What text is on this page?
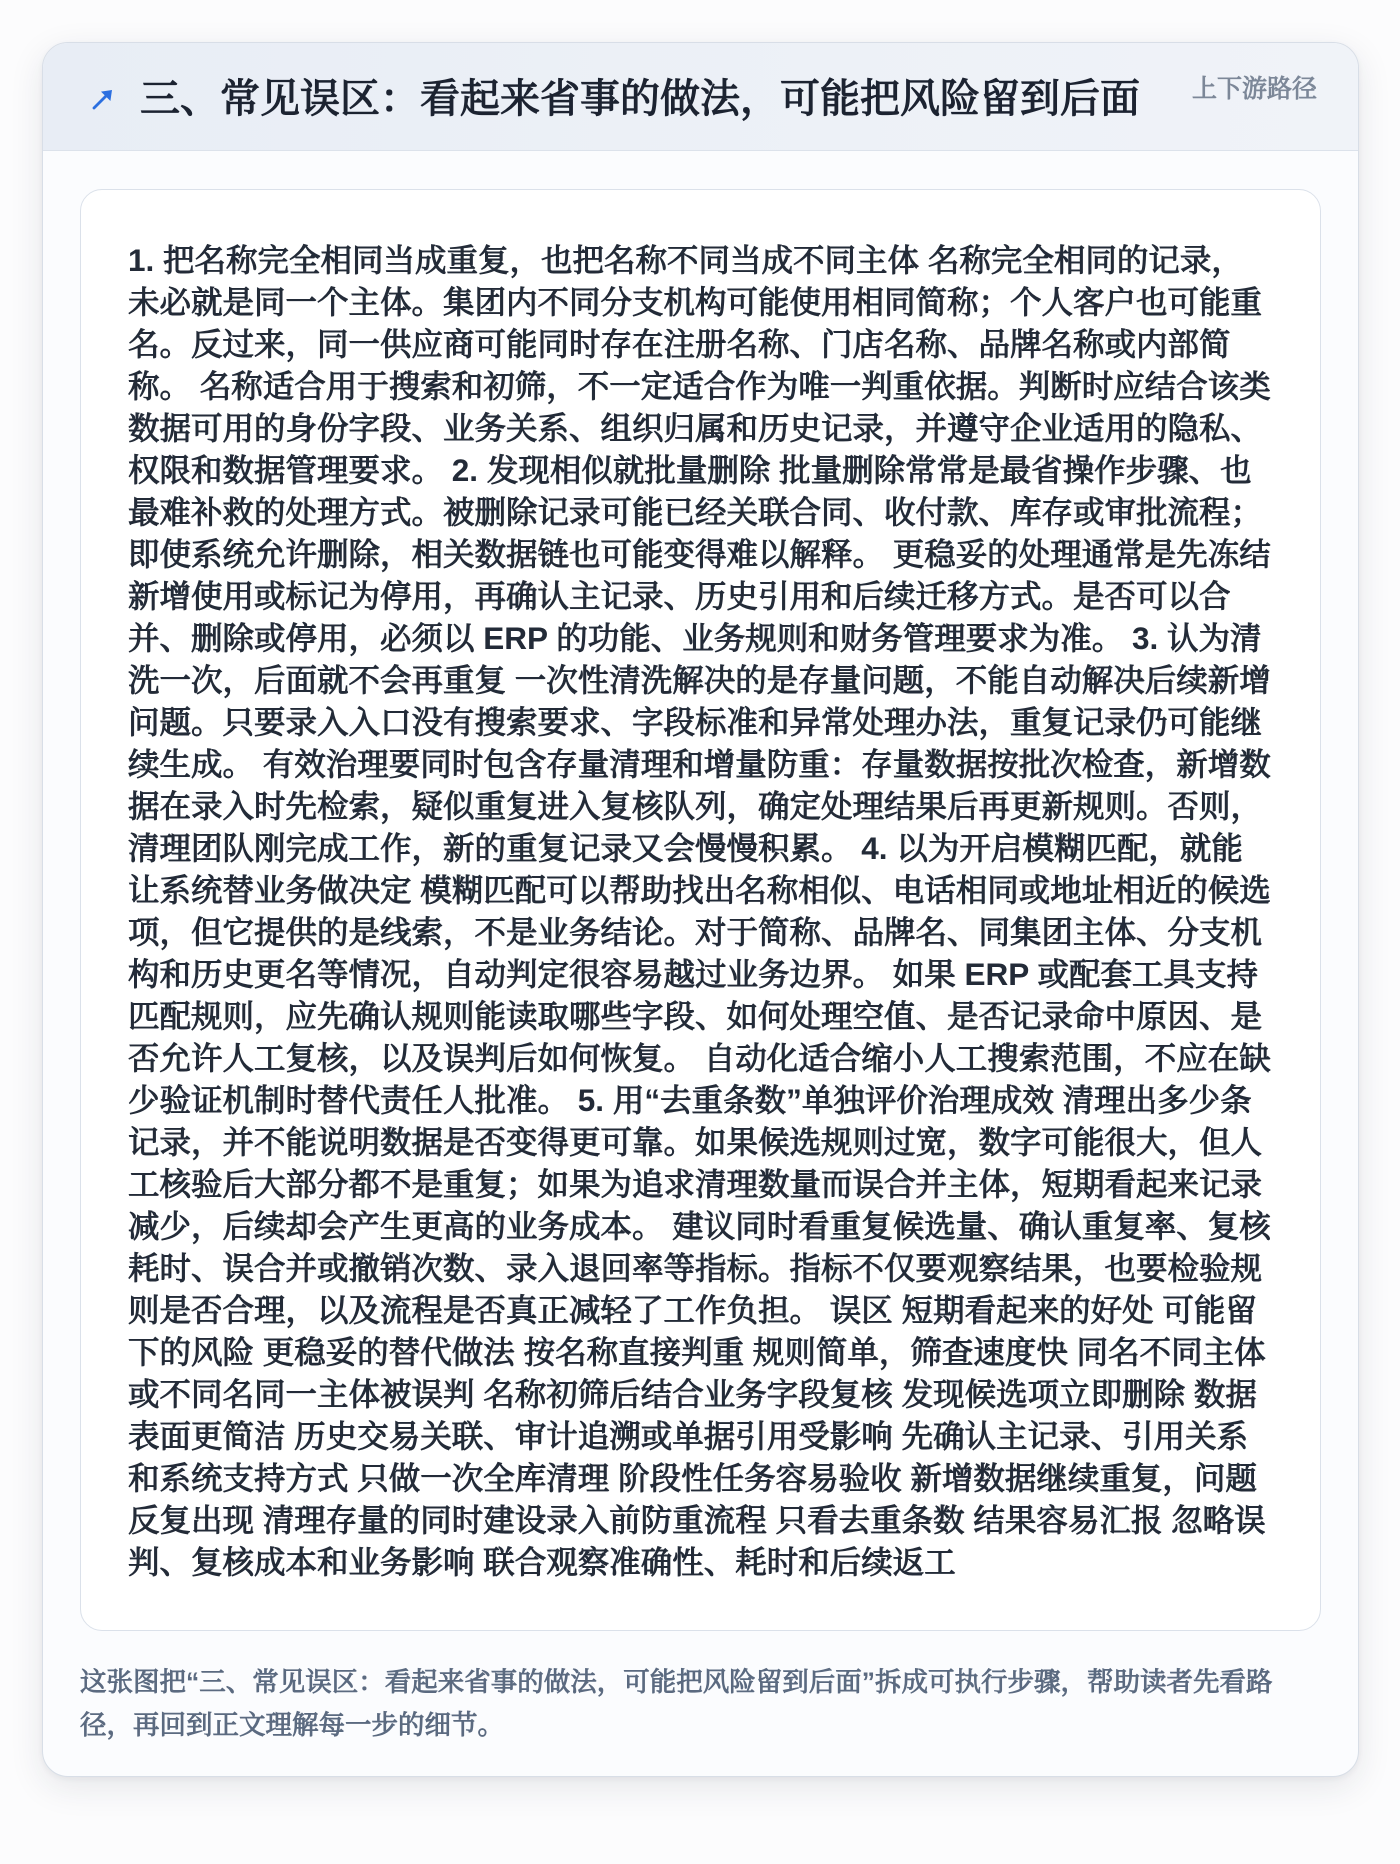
三、常见误区：看起来省事的做法，可能把风险留到后面 上下游路径

1. 把名称完全相同当成重复，也把名称不同当成不同主体 名称完全相同的记录，未必就是同一个主体。集团内不同分支机构可能使用相同简称；个人客户也可能重名。反过来，同一供应商可能同时存在注册名称、门店名称、品牌名称或内部简称。 名称适合用于搜索和初筛，不一定适合作为唯一判重依据。判断时应结合该类数据可用的身份字段、业务关系、组织归属和历史记录，并遵守企业适用的隐私、权限和数据管理要求。 2. 发现相似就批量删除 批量删除常常是最省操作步骤、也最难补救的处理方式。被删除记录可能已经关联合同、收付款、库存或审批流程；即使系统允许删除，相关数据链也可能变得难以解释。 更稳妥的处理通常是先冻结新增使用或标记为停用，再确认主记录、历史引用和后续迁移方式。是否可以合并、删除或停用，必须以 ERP 的功能、业务规则和财务管理要求为准。 3. 认为清洗一次，后面就不会再重复 一次性清洗解决的是存量问题，不能自动解决后续新增问题。只要录入入口没有搜索要求、字段标准和异常处理办法，重复记录仍可能继续生成。 有效治理要同时包含存量清理和增量防重：存量数据按批次检查，新增数据在录入时先检索，疑似重复进入复核队列，确定处理结果后再更新规则。否则，清理团队刚完成工作，新的重复记录又会慢慢积累。 4. 以为开启模糊匹配，就能让系统替业务做决定 模糊匹配可以帮助找出名称相似、电话相同或地址相近的候选项，但它提供的是线索，不是业务结论。对于简称、品牌名、同集团主体、分支机构和历史更名等情况，自动判定很容易越过业务边界。 如果 ERP 或配套工具支持匹配规则，应先确认规则能读取哪些字段、如何处理空值、是否记录命中原因、是否允许人工复核，以及误判后如何恢复。 自动化适合缩小人工搜索范围，不应在缺少验证机制时替代责任人批准。 5. 用“去重条数”单独评价治理成效 清理出多少条记录，并不能说明数据是否变得更可靠。如果候选规则过宽，数字可能很大，但人工核验后大部分都不是重复；如果为追求清理数量而误合并主体，短期看起来记录减少，后续却会产生更高的业务成本。 建议同时看重复候选量、确认重复率、复核耗时、误合并或撤销次数、录入退回率等指标。指标不仅要观察结果，也要检验规则是否合理，以及流程是否真正减轻了工作负担。 误区 短期看起来的好处 可能留下的风险 更稳妥的替代做法 按名称直接判重 规则简单，筛查速度快 同名不同主体或不同名同一主体被误判 名称初筛后结合业务字段复核 发现候选项立即删除 数据表面更简洁 历史交易关联、审计追溯或单据引用受影响 先确认主记录、引用关系和系统支持方式 只做一次全库清理 阶段性任务容易验收 新增数据继续重复，问题反复出现 清理存量的同时建设录入前防重流程 只看去重条数 结果容易汇报 忽略误判、复核成本和业务影响 联合观察准确性、耗时和后续返工

这张图把“三、常见误区：看起来省事的做法，可能把风险留到后面”拆成可执行步骤，帮助读者先看路径，再回到正文理解每一步的细节。
